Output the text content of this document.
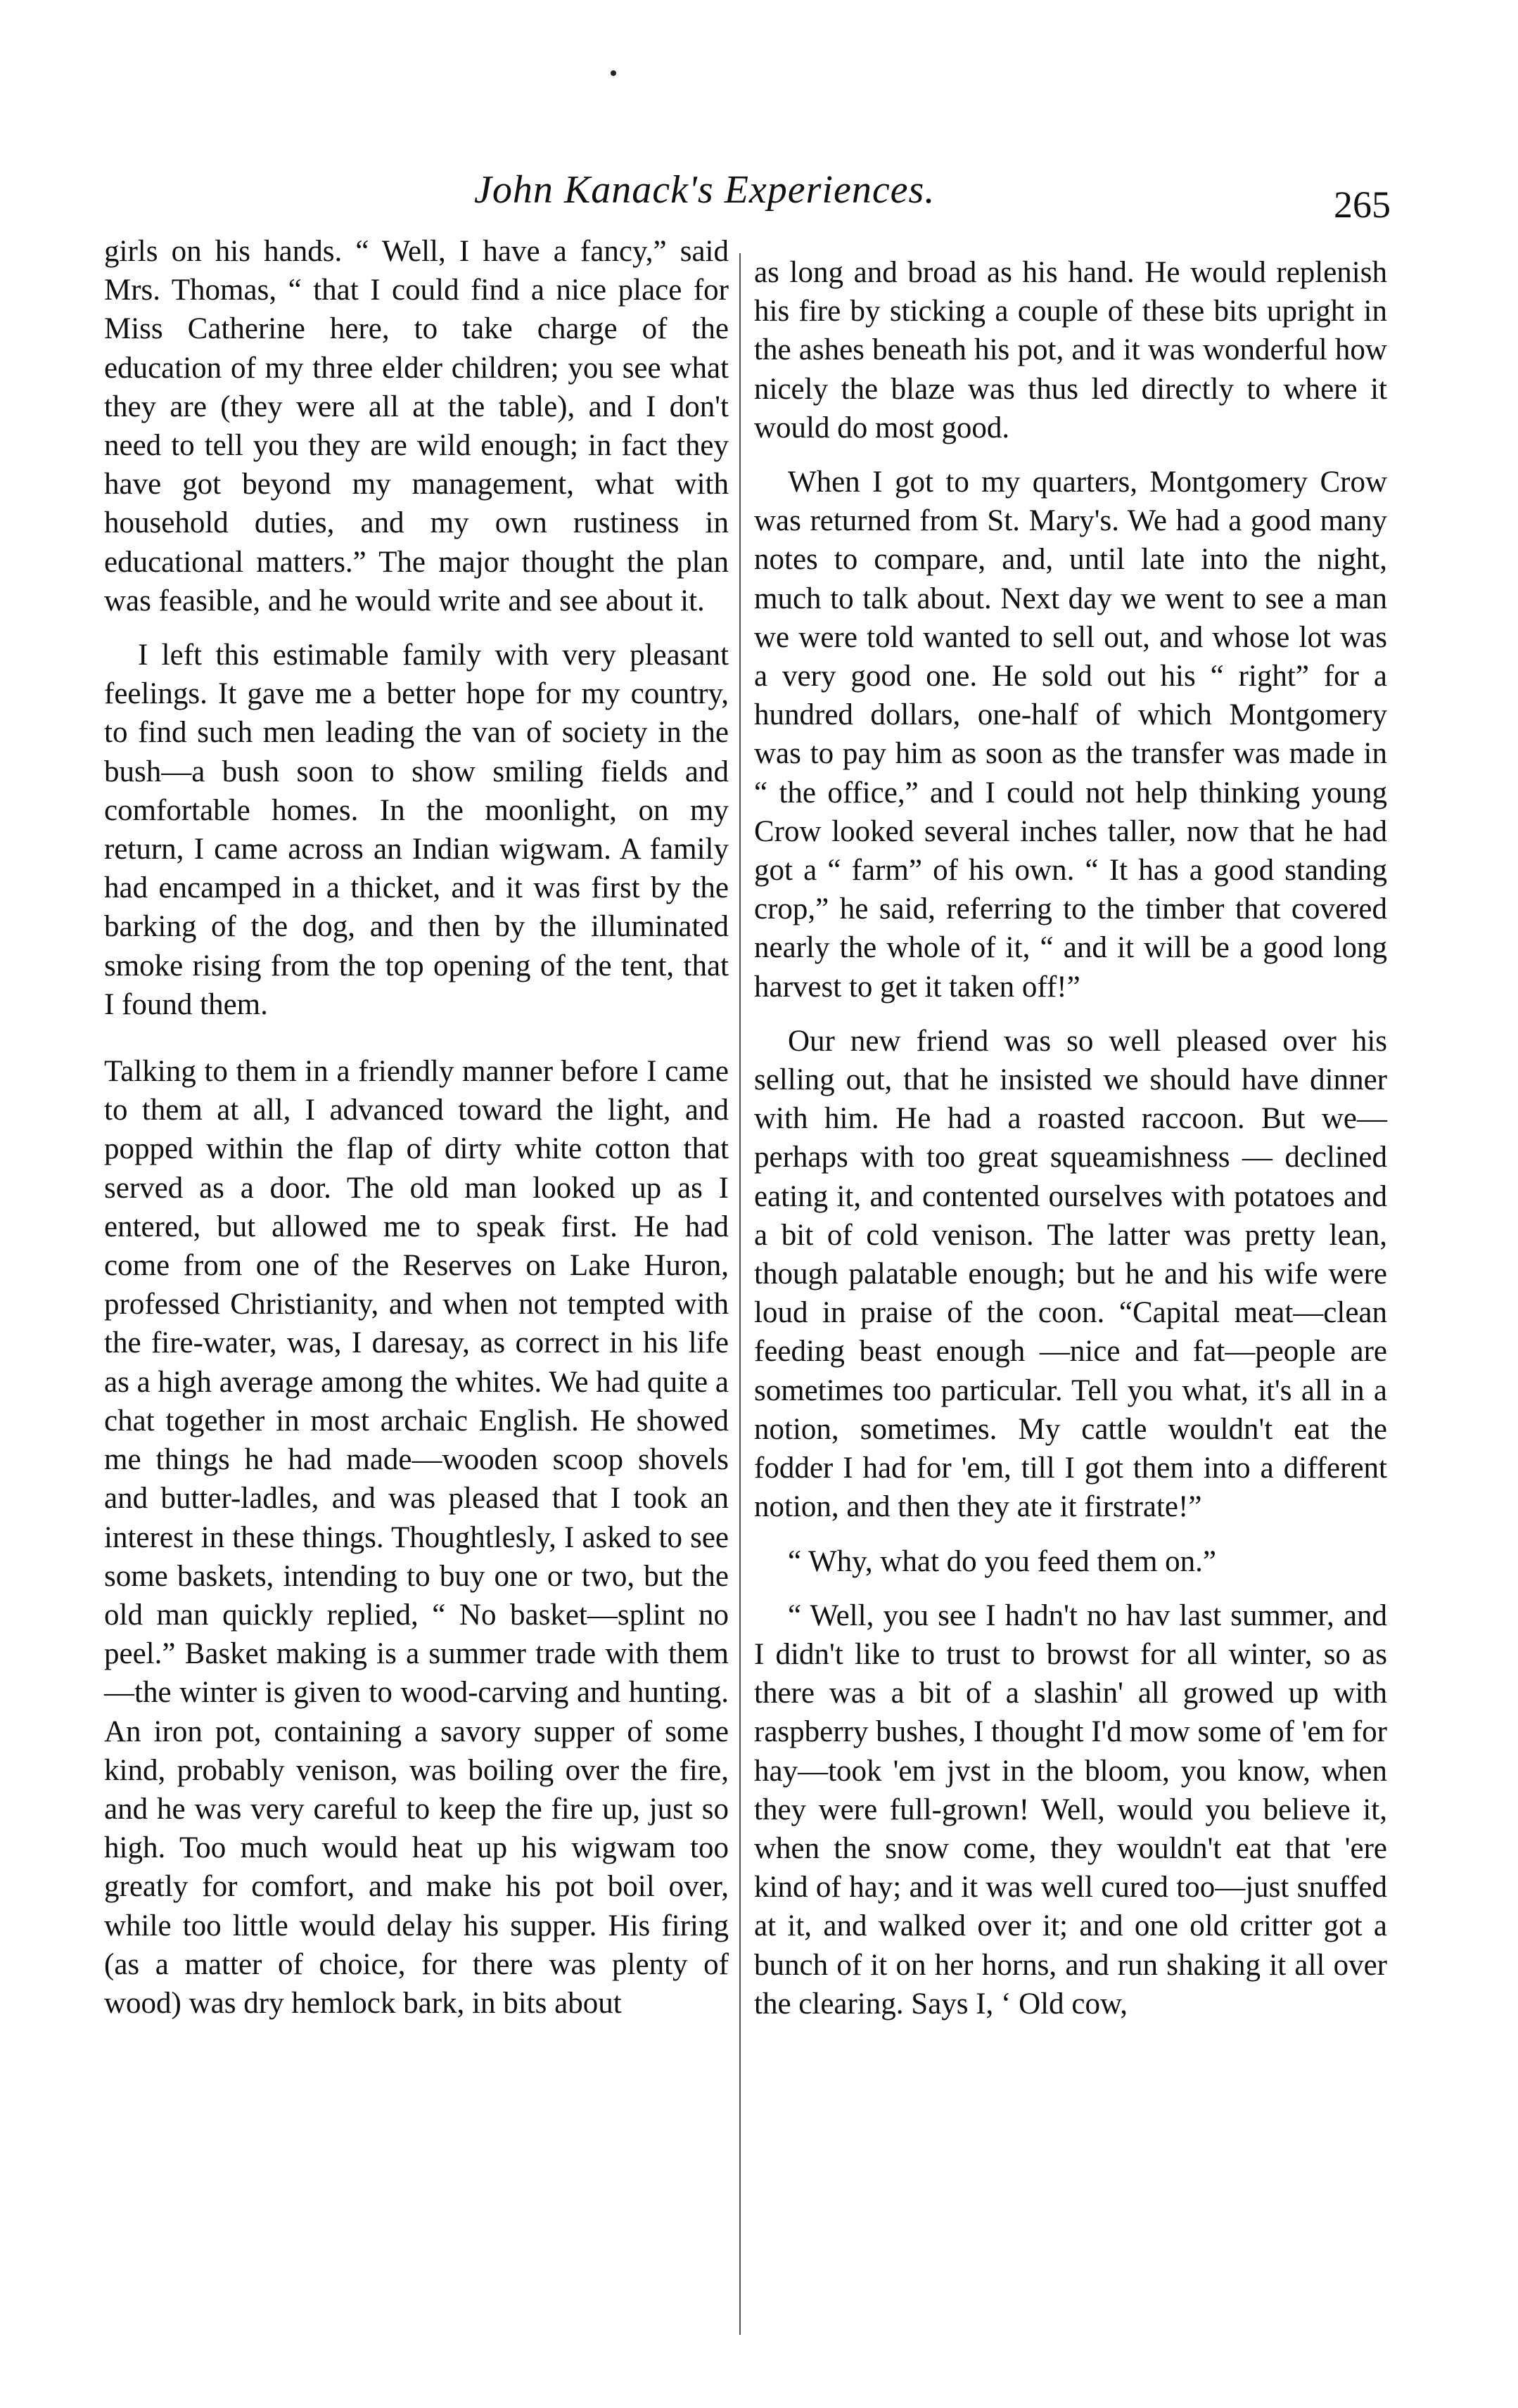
John Kanack's Experiences.	265

girls on his hands. “ Well, I have a fancy,” said Mrs. Thomas, “ that I could find a nice place for Miss Catherine here, to take charge of the education of my three elder children; you see what they are (they were all at the table), and I don't need to tell you they are wild enough; in fact they have got beyond my management, what with household duties, and my own rustiness in educational matters.” The major thought the plan was feasible, and he would write and see about it.

I left this estimable family with very pleasant feelings. It gave me a better hope for my country, to find such men leading the van of society in the bush—a bush soon to show smiling fields and comfortable homes. In the moonlight, on my return, I came across an Indian wigwam. A family had encamped in a thicket, and it was first by the barking of the dog, and then by the illuminated smoke rising from the top opening of the tent, that I found them.

Talking to them in a friendly manner before I came to them at all, I advanced toward the light, and popped within the flap of dirty white cotton that served as a door. The old man looked up as I entered, but allowed me to speak first. He had come from one of the Reserves on Lake Huron, professed Christianity, and when not tempted with the fire-water, was, I daresay, as correct in his life as a high average among the whites. We had quite a chat together in most archaic English. He showed me things he had made—wooden scoop shovels and butter-ladles, and was pleased that I took an interest in these things. Thoughtlesly, I asked to see some baskets, intending to buy one or two, but the old man quickly replied, “ No basket—splint no peel.” Basket making is a summer trade with them—the winter is given to wood-carving and hunting. An iron pot, containing a savory supper of some kind, probably venison, was boiling over the fire, and he was very careful to keep the fire up, just so high. Too much would heat up his wigwam too greatly for comfort, and make his pot boil over, while too little would delay his supper. His firing (as a matter of choice, for there was plenty of wood) was dry hemlock bark, in bits about

as long and broad as his hand. He would replenish his fire by sticking a couple of these bits upright in the ashes beneath his pot, and it was wonderful how nicely the blaze was thus led directly to where it would do most good.

When I got to my quarters, Montgomery Crow was returned from St. Mary's. We had a good many notes to compare, and, until late into the night, much to talk about. Next day we went to see a man we were told wanted to sell out, and whose lot was a very good one. He sold out his “ right” for a hundred dollars, one-half of which Montgomery was to pay him as soon as the transfer was made in “ the office,” and I could not help thinking young Crow looked several inches taller, now that he had got a “ farm” of his own. “ It has a good standing crop,” he said, referring to the timber that covered nearly the whole of it, “ and it will be a good long harvest to get it taken off!”

Our new friend was so well pleased over his selling out, that he insisted we should have dinner with him. He had a roasted raccoon. But we—perhaps with too great squeamishness — declined eating it, and contented ourselves with potatoes and a bit of cold venison. The latter was pretty lean, though palatable enough; but he and his wife were loud in praise of the coon. “Capital meat—clean feeding beast enough —nice and fat—people are sometimes too particular. Tell you what, it's all in a notion, sometimes. My cattle wouldn't eat the fodder I had for 'em, till I got them into a different notion, and then they ate it firstrate!”

“ Why, what do you feed them on.”

“ Well, you see I hadn't no hav last summer, and I didn't like to trust to browst for all winter, so as there was a bit of a slashin' all growed up with raspberry bushes, I thought I'd mow some of 'em for hay—took 'em jvst in the bloom, you know, when they were full-grown! Well, would you believe it, when the snow come, they wouldn't eat that 'ere kind of hay; and it was well cured too—just snuffed at it, and walked over it; and one old critter got a bunch of it on her horns, and run shaking it all over the clearing. Says I, ‘ Old cow,
